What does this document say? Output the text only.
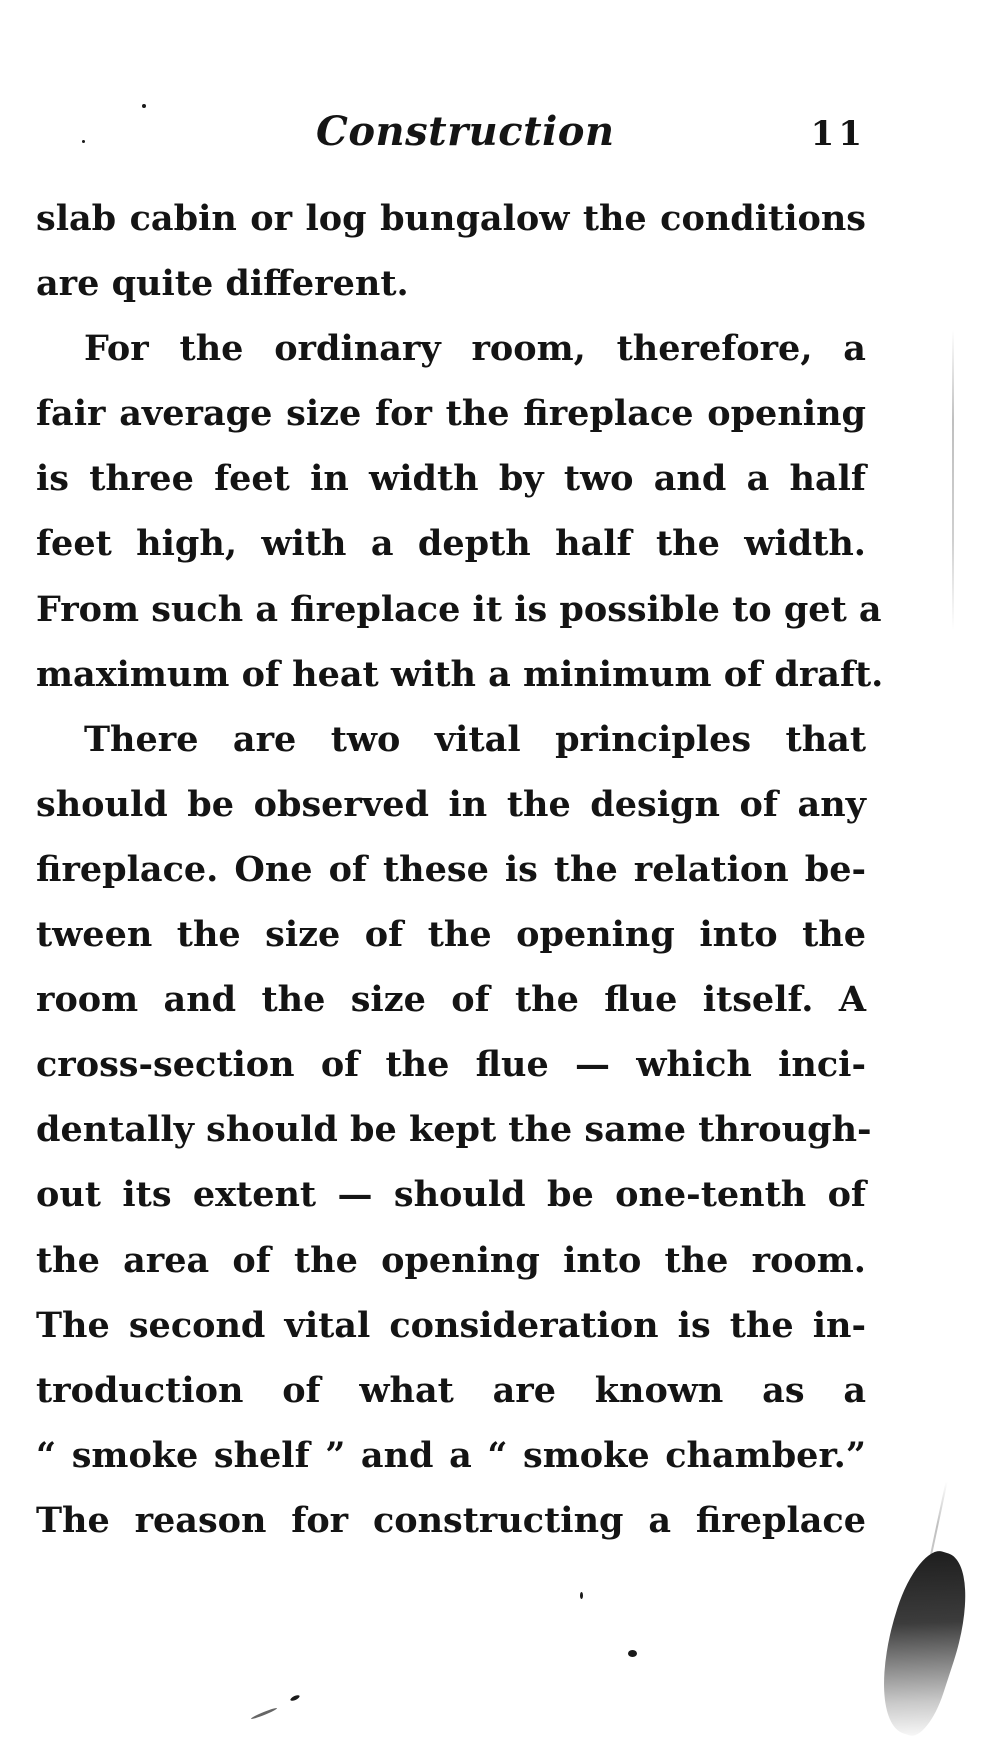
Construction	11
slab cabin or log bungalow the conditions
are quite different.
For the ordinary room, therefore, a
fair average size for the fireplace opening
is three feet in width by two and a half
feet high, with a depth half the width.
From such a fireplace it is possible to get a
maximum of heat with a minimum of draft.
There are two vital principles that
should be observed in the design of any
fireplace. One of these is the relation be-
tween the size of the opening into the
room and the size of the flue itself. A
cross-section of the flue — which inci-
dentally should be kept the same through-
out its extent — should be one-tenth of
the area of the opening into the room.
The second vital consideration is the in-
troduction of what are known as a
“ smoke shelf ” and a “ smoke chamber.”
The reason for constructing a fireplace
